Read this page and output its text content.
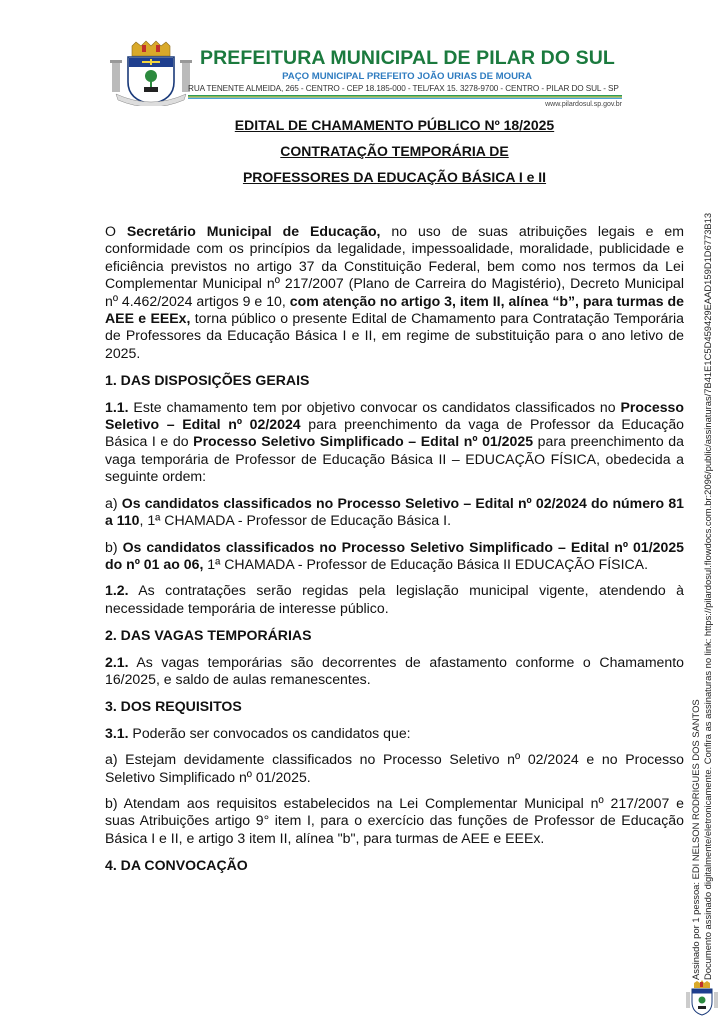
PREFEITURA MUNICIPAL DE PILAR DO SUL
PAÇO MUNICIPAL PREFEITO JOÃO URIAS DE MOURA
RUA TENENTE ALMEIDA, 265 - CENTRO - CEP 18.185-000 - TEL/FAX 15. 3278-9700 - CENTRO - PILAR DO SUL - SP
www.pilardosul.sp.gov.br

EDITAL DE CHAMAMENTO PÚBLICO Nº 18/2025

CONTRATAÇÃO TEMPORÁRIA DE

PROFESSORES DA EDUCAÇÃO BÁSICA I e II

O Secretário Municipal de Educação, no uso de suas atribuições legais e em conformidade com os princípios da legalidade, impessoalidade, moralidade, publicidade e eficiência previstos no artigo 37 da Constituição Federal, bem como nos termos da Lei Complementar Municipal nº 217/2007 (Plano de Carreira do Magistério), Decreto Municipal nº 4.462/2024 artigos 9 e 10, com atenção no artigo 3, item II, alínea “b”, para turmas de AEE e EEEx, torna público o presente Edital de Chamamento para Contratação Temporária de Professores da Educação Básica I e II, em regime de substituição para o ano letivo de 2025.

1. DAS DISPOSIÇÕES GERAIS

1.1. Este chamamento tem por objetivo convocar os candidatos classificados no Processo Seletivo – Edital nº 02/2024 para preenchimento da vaga de Professor da Educação Básica I e do Processo Seletivo Simplificado – Edital nº 01/2025 para preenchimento da vaga temporária de Professor de Educação Básica II – EDUCAÇÃO FÍSICA, obedecida a seguinte ordem:

a) Os candidatos classificados no Processo Seletivo – Edital nº 02/2024 do número 81 a 110, 1ª CHAMADA - Professor de Educação Básica I.

b) Os candidatos classificados no Processo Seletivo Simplificado – Edital nº 01/2025 do nº 01 ao 06, 1ª CHAMADA - Professor de Educação Básica II EDUCAÇÃO FÍSICA.

1.2. As contratações serão regidas pela legislação municipal vigente, atendendo à necessidade temporária de interesse público.

2. DAS VAGAS TEMPORÁRIAS

2.1. As vagas temporárias são decorrentes de afastamento conforme o Chamamento 16/2025, e saldo de aulas remanescentes.

3. DOS REQUISITOS

3.1. Poderão ser convocados os candidatos que:

a) Estejam devidamente classificados no Processo Seletivo nº 02/2024 e no Processo Seletivo Simplificado nº 01/2025.

b) Atendam aos requisitos estabelecidos na Lei Complementar Municipal nº 217/2007 e suas Atribuições artigo 9° item I, para o exercício das funções de Professor de Educação Básica I e II, e artigo 3 item II, alínea "b", para turmas de AEE e EEEx.

4. DA CONVOCAÇÃO	Assinado por 1 pessoa: EDI NELSON RODRIGUES DOS SANTOS Documento assinado digitalmente/eletronicamente. Confira as assinaturas no link: https://pilardosul.flowdocs.com.br:2096/public/assinaturas/7B41E1C5D459429EAAD159D1D6773B13
